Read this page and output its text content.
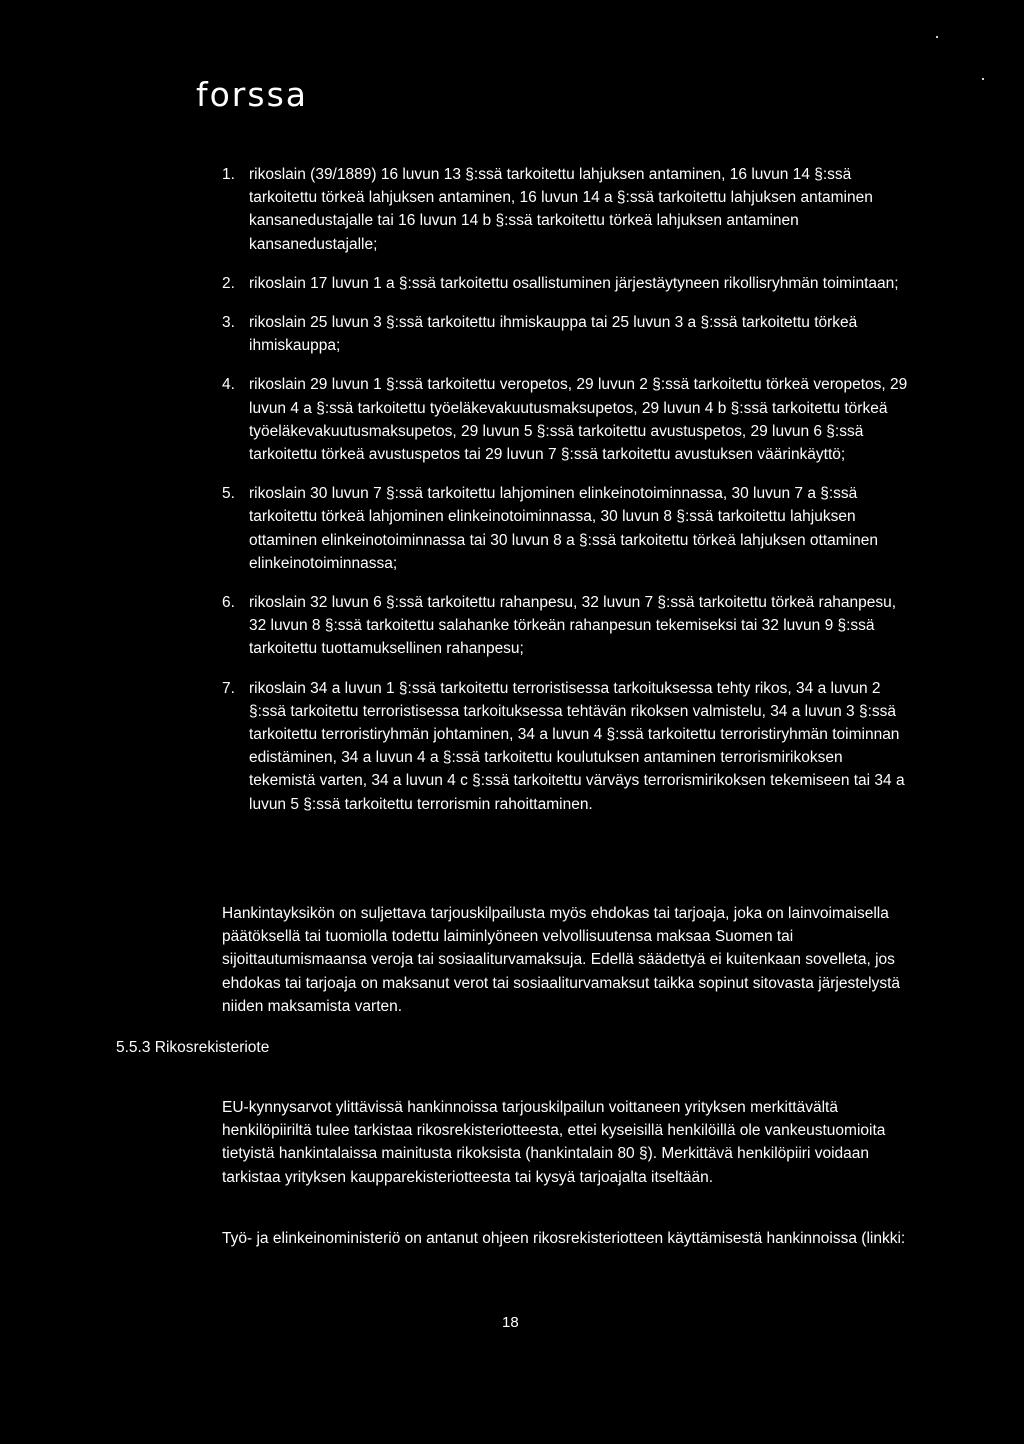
forssa
1. rikoslain (39/1889) 16 luvun 13 §:ssä tarkoitettu lahjuksen antaminen, 16 luvun 14 §:ssä tarkoitettu törkeä lahjuksen antaminen, 16 luvun 14 a §:ssä tarkoitettu lahjuksen antaminen kansanedustajalle tai 16 luvun 14 b §:ssä tarkoitettu törkeä lahjuksen antaminen kansanedustajalle;
2. rikoslain 17 luvun 1 a §:ssä tarkoitettu osallistuminen järjestäytyneen rikollisryhmän toimintaan;
3. rikoslain 25 luvun 3 §:ssä tarkoitettu ihmiskauppa tai 25 luvun 3 a §:ssä tarkoitettu törkeä ihmiskauppa;
4. rikoslain 29 luvun 1 §:ssä tarkoitettu veropetos, 29 luvun 2 §:ssä tarkoitettu törkeä veropetos, 29 luvun 4 a §:ssä tarkoitettu työeläkevakuutusmaksupetos, 29 luvun 4 b §:ssä tarkoitettu törkeä työeläkevakuutusmaksupetos, 29 luvun 5 §:ssä tarkoitettu avustuspetos, 29 luvun 6 §:ssä tarkoitettu törkeä avustuspetos tai 29 luvun 7 §:ssä tarkoitettu avustuksen väärinkäyttö;
5. rikoslain 30 luvun 7 §:ssä tarkoitettu lahjominen elinkeinotoiminnassa, 30 luvun 7 a §:ssä tarkoitettu törkeä lahjominen elinkeinotoiminnassa, 30 luvun 8 §:ssä tarkoitettu lahjuksen ottaminen elinkeinotoiminnassa tai 30 luvun 8 a §:ssä tarkoitettu törkeä lahjuksen ottaminen elinkeinotoiminnassa;
6. rikoslain 32 luvun 6 §:ssä tarkoitettu rahanpesu, 32 luvun 7 §:ssä tarkoitettu törkeä rahanpesu, 32 luvun 8 §:ssä tarkoitettu salahanke törkeän rahanpesun tekemiseksi tai 32 luvun 9 §:ssä tarkoitettu tuottamuksellinen rahanpesu;
7. rikoslain 34 a luvun 1 §:ssä tarkoitettu terroristisessa tarkoituksessa tehty rikos, 34 a luvun 2 §:ssä tarkoitettu terroristisessa tarkoituksessa tehtävän rikoksen valmistelu, 34 a luvun 3 §:ssä tarkoitettu terroristiryhmän johtaminen, 34 a luvun 4 §:ssä tarkoitettu terroristiryhmän toiminnan edistäminen, 34 a luvun 4 a §:ssä tarkoitettu koulutuksen antaminen terrorismirikoksen tekemistä varten, 34 a luvun 4 c §:ssä tarkoitettu värväys terrorismirikoksen tekemiseen tai 34 a luvun 5 §:ssä tarkoitettu terrorismin rahoittaminen.

Hankintayksikön on suljettava tarjouskilpailusta myös ehdokas tai tarjoaja, joka on lainvoimaisella päätöksellä tai tuomiolla todettu laiminlyöneen velvollisuutensa maksaa Suomen tai sijoittautumismaansa veroja tai sosiaaliturvamaksuja. Edellä säädettyä ei kuitenkaan sovelleta, jos ehdokas tai tarjoaja on maksanut verot tai sosiaaliturvamaksut taikka sopinut sitovasta järjestelystä niiden maksamista varten.

5.5.3 Rikosrekisteriote

EU-kynnysarvot ylittävissä hankinnoissa tarjouskilpailun voittaneen yrityksen merkittävältä henkilöpiiriltä tulee tarkistaa rikosrekisteriotteesta, ettei kyseisillä henkilöillä ole vankeustuomioita tietyistä hankintalaissa mainitusta rikoksista (hankintalain 80 §). Merkittävä henkilöpiiri voidaan tarkistaa yrityksen kaupparekisteriotteesta tai kysyä tarjoajalta itseltään.

Työ- ja elinkeinoministeriö on antanut ohjeen rikosrekisteriotteen käyttämisestä hankinnoissa (linkki:

18
